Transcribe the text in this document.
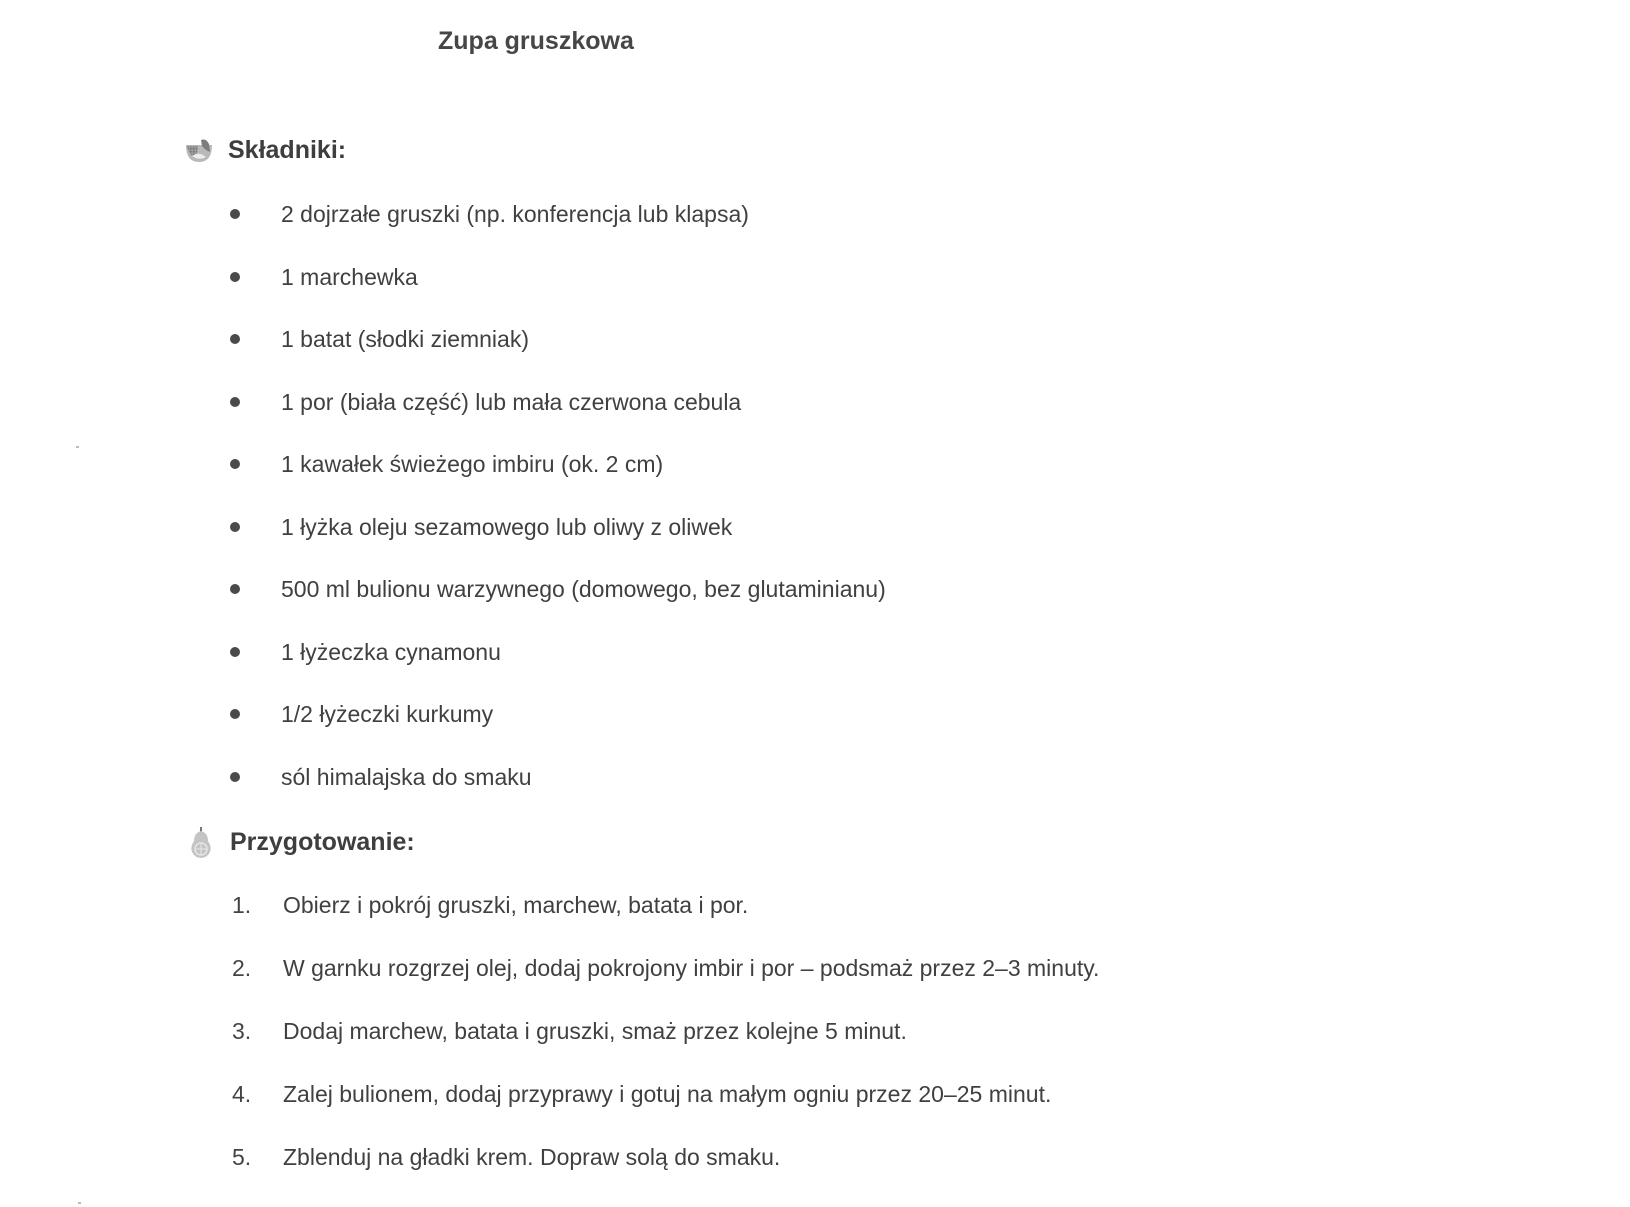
Zupa gruszkowa
Składniki:
2 dojrzałe gruszki (np. konferencja lub klapsa)
1 marchewka
1 batat (słodki ziemniak)
1 por (biała część) lub mała czerwona cebula
1 kawałek świeżego imbiru (ok. 2 cm)
1 łyżka oleju sezamowego lub oliwy z oliwek
500 ml bulionu warzywnego (domowego, bez glutaminianu)
1 łyżeczka cynamonu
1/2 łyżeczki kurkumy
sól himalajska do smaku
Przygotowanie:
1. Obierz i pokrój gruszki, marchew, batata i por.
2. W garnku rozgrzej olej, dodaj pokrojony imbir i por – podsmaż przez 2–3 minuty.
3. Dodaj marchew, batata i gruszki, smaż przez kolejne 5 minut.
4. Zalej bulionem, dodaj przyprawy i gotuj na małym ogniu przez 20–25 minut.
5. Zblenduj na gładki krem. Dopraw solą do smaku.
